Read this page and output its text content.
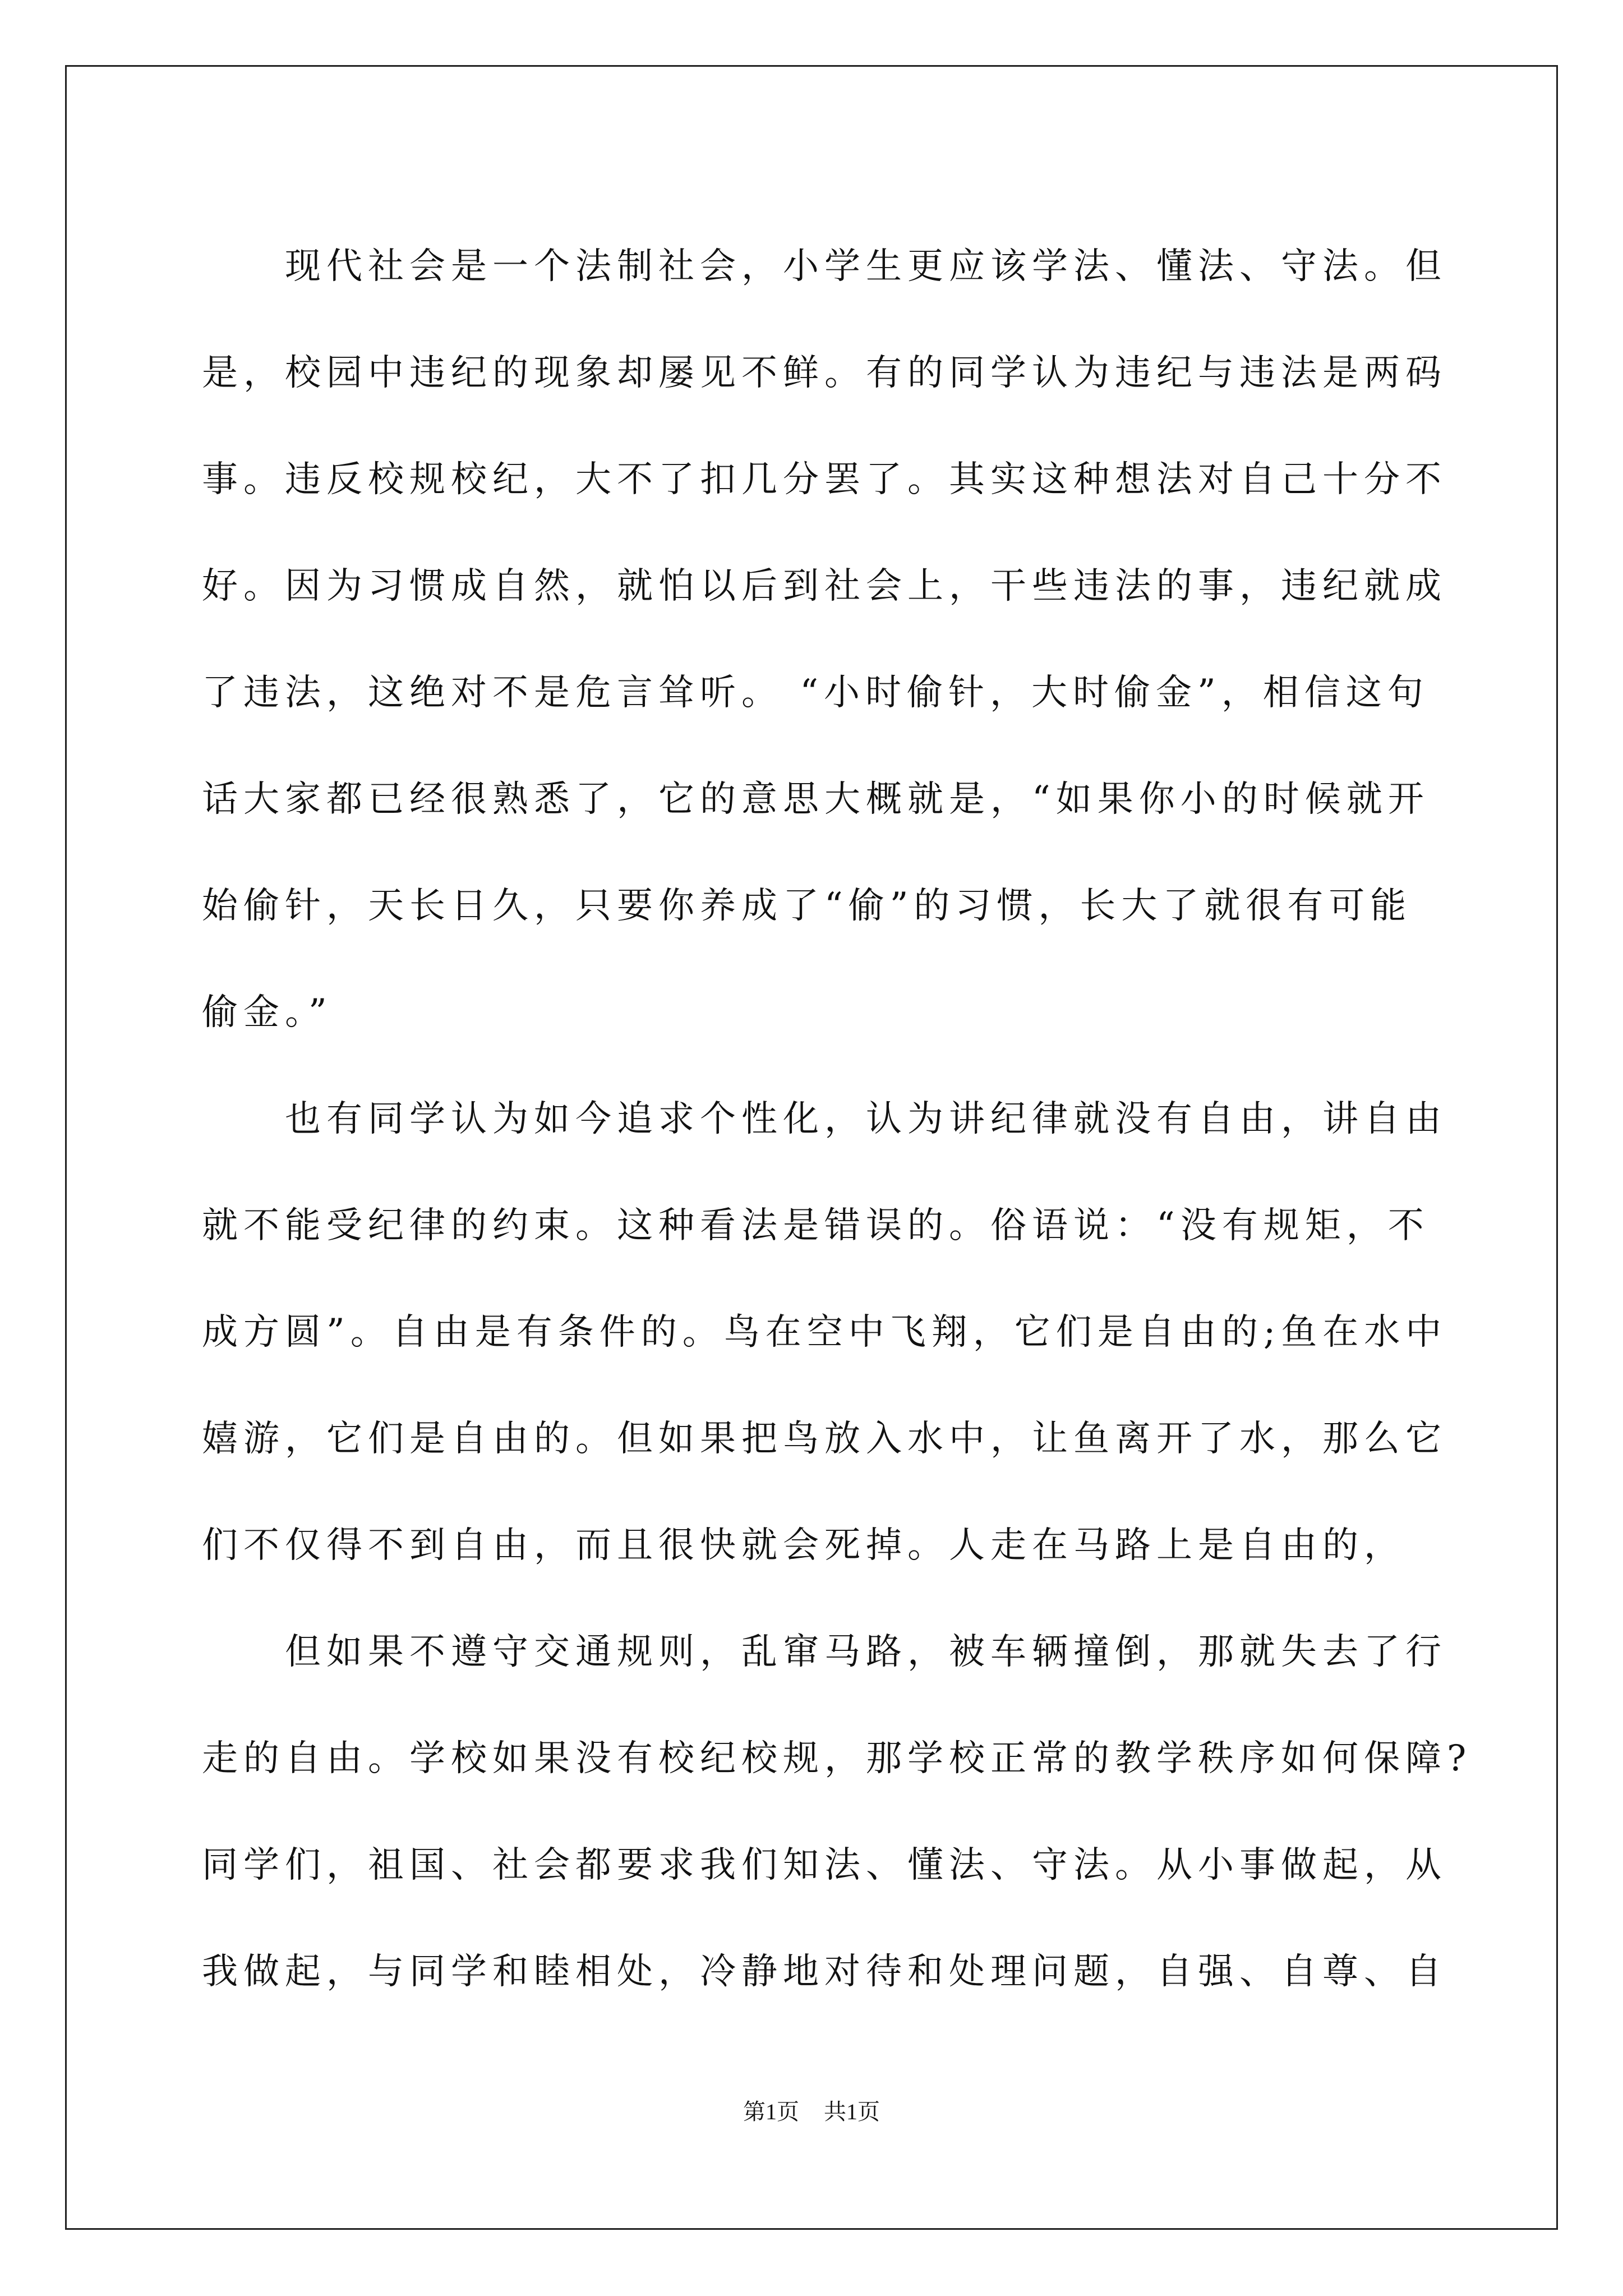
现代社会是一个法制社会，小学生更应该学法、懂法、守法。但
是，校园中违纪的现象却屡见不鲜。有的同学认为违纪与违法是两码
事。违反校规校纪，大不了扣几分罢了。其实这种想法对自己十分不
好。因为习惯成自然，就怕以后到社会上，干些违法的事，违纪就成
了违法，这绝对不是危言耸听。 “小时偷针，大时偷金”，相信这句
话大家都已经很熟悉了，它的意思大概就是，“如果你小的时候就开
始偷针，天长日久，只要你养成了“偷”的习惯，长大了就很有可能
偷金。”
也有同学认为如今追求个性化，认为讲纪律就没有自由，讲自由
就不能受纪律的约束。这种看法是错误的。俗语说：“没有规矩，不
成方圆”。自由是有条件的。鸟在空中飞翔，它们是自由的;鱼在水中
嬉游，它们是自由的。但如果把鸟放入水中，让鱼离开了水，那么它
们不仅得不到自由，而且很快就会死掉。人走在马路上是自由的，
但如果不遵守交通规则，乱窜马路，被车辆撞倒，那就失去了行
走的自由。学校如果没有校纪校规，那学校正常的教学秩序如何保障?
同学们，祖国、社会都要求我们知法、懂法、守法。从小事做起，从
我做起，与同学和睦相处，冷静地对待和处理问题，自强、自尊、自
第1页 共1页
